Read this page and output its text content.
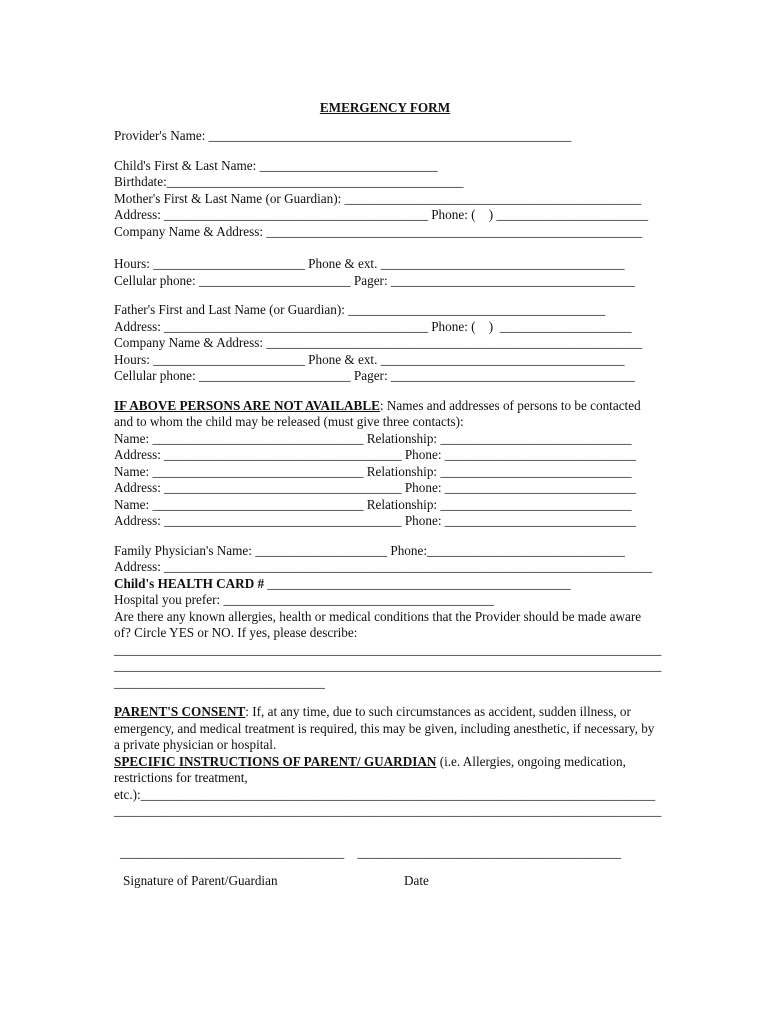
EMERGENCY FORM
Provider's Name: _______________________________________________________
Child's First & Last Name: ___________________________
Birthdate:_____________________________________________
Mother's First & Last Name (or Guardian): _____________________________________________
Address: ________________________________________ Phone: (    ) _______________________
Company Name & Address: _________________________________________________________
Hours: _______________________ Phone & ext. _____________________________________
Cellular phone: _______________________ Pager: _____________________________________
Father's First and Last Name (or Guardian): _______________________________________
Address: ________________________________________ Phone: (    )  ____________________
Company Name & Address: _________________________________________________________
Hours: _______________________ Phone & ext. _____________________________________
Cellular phone: _______________________ Pager: _____________________________________
IF ABOVE PERSONS ARE NOT AVAILABLE: Names and addresses of persons to be contacted and to whom the child may be released (must give three contacts):
Name: ________________________________ Relationship: _____________________________
Address: ____________________________________ Phone: _____________________________
Name: ________________________________ Relationship: _____________________________
Address: ____________________________________ Phone: _____________________________
Name: ________________________________ Relationship: _____________________________
Address: ____________________________________ Phone: _____________________________
Family Physician's Name: ____________________ Phone:______________________________
Address: __________________________________________________________________________
Child's HEALTH CARD # ______________________________________________
Hospital you prefer: _________________________________________
Are there any known allergies, health or medical conditions that the Provider should be made aware of? Circle YES or NO. If yes, please describe:
___________________________________________________________________________________
___________________________________________________________________________________
________________________________
PARENT'S CONSENT: If, at any time, due to such circumstances as accident, sudden illness, or emergency, and medical treatment is required, this may be given, including anesthetic, if necessary, by a private physician or hospital.
SPECIFIC INSTRUCTIONS OF PARENT/ GUARDIAN (i.e. Allergies, ongoing medication, restrictions for treatment,
etc.):______________________________________________________________________________
___________________________________________________________________________________
__________________________________    ________________________________________
Signature of Parent/Guardian	Date
